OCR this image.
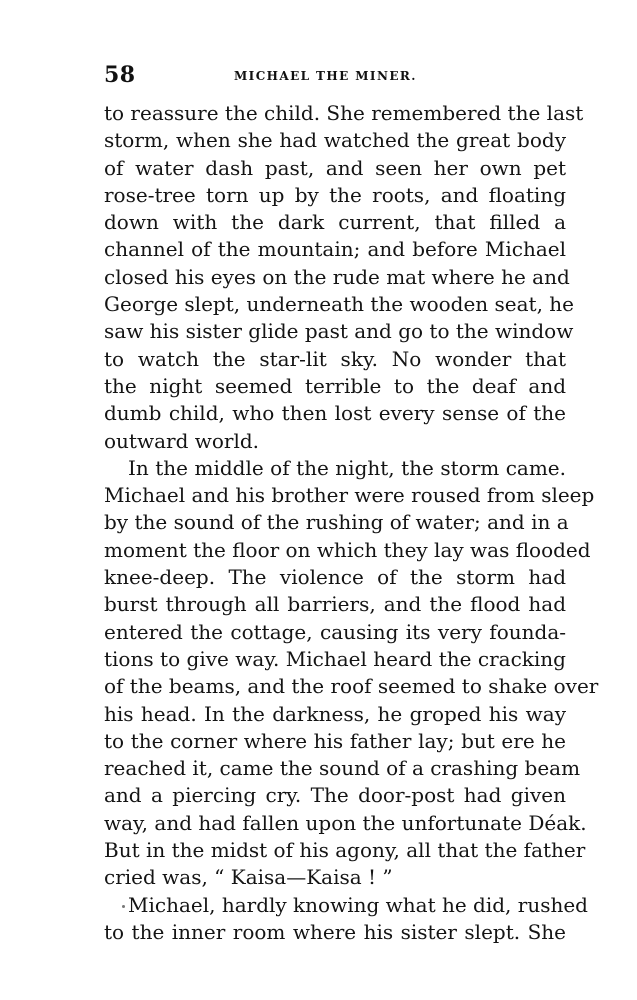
58	MICHAEL THE MINER.
to reassure the child. She remembered the last
storm, when she had watched the great body
of water dash past, and seen her own pet
rose-tree torn up by the roots, and floating
down with the dark current, that filled a
channel of the mountain; and before Michael
closed his eyes on the rude mat where he and
George slept, underneath the wooden seat, he
saw his sister glide past and go to the window
to watch the star-lit sky. No wonder that
the night seemed terrible to the deaf and
dumb child, who then lost every sense of the
outward world.
In the middle of the night, the storm came.
Michael and his brother were roused from sleep
by the sound of the rushing of water; and in a
moment the floor on which they lay was flooded
knee-deep. The violence of the storm had
burst through all barriers, and the flood had
entered the cottage, causing its very founda-
tions to give way. Michael heard the cracking
of the beams, and the roof seemed to shake over
his head. In the darkness, he groped his way
to the corner where his father lay; but ere he
reached it, came the sound of a crashing beam
and a piercing cry. The door-post had given
way, and had fallen upon the unfortunate Déak.
But in the midst of his agony, all that the father
cried was, “ Kaisa—Kaisa ! ”
Michael, hardly knowing what he did, rushed
to the inner room where his sister slept. She
